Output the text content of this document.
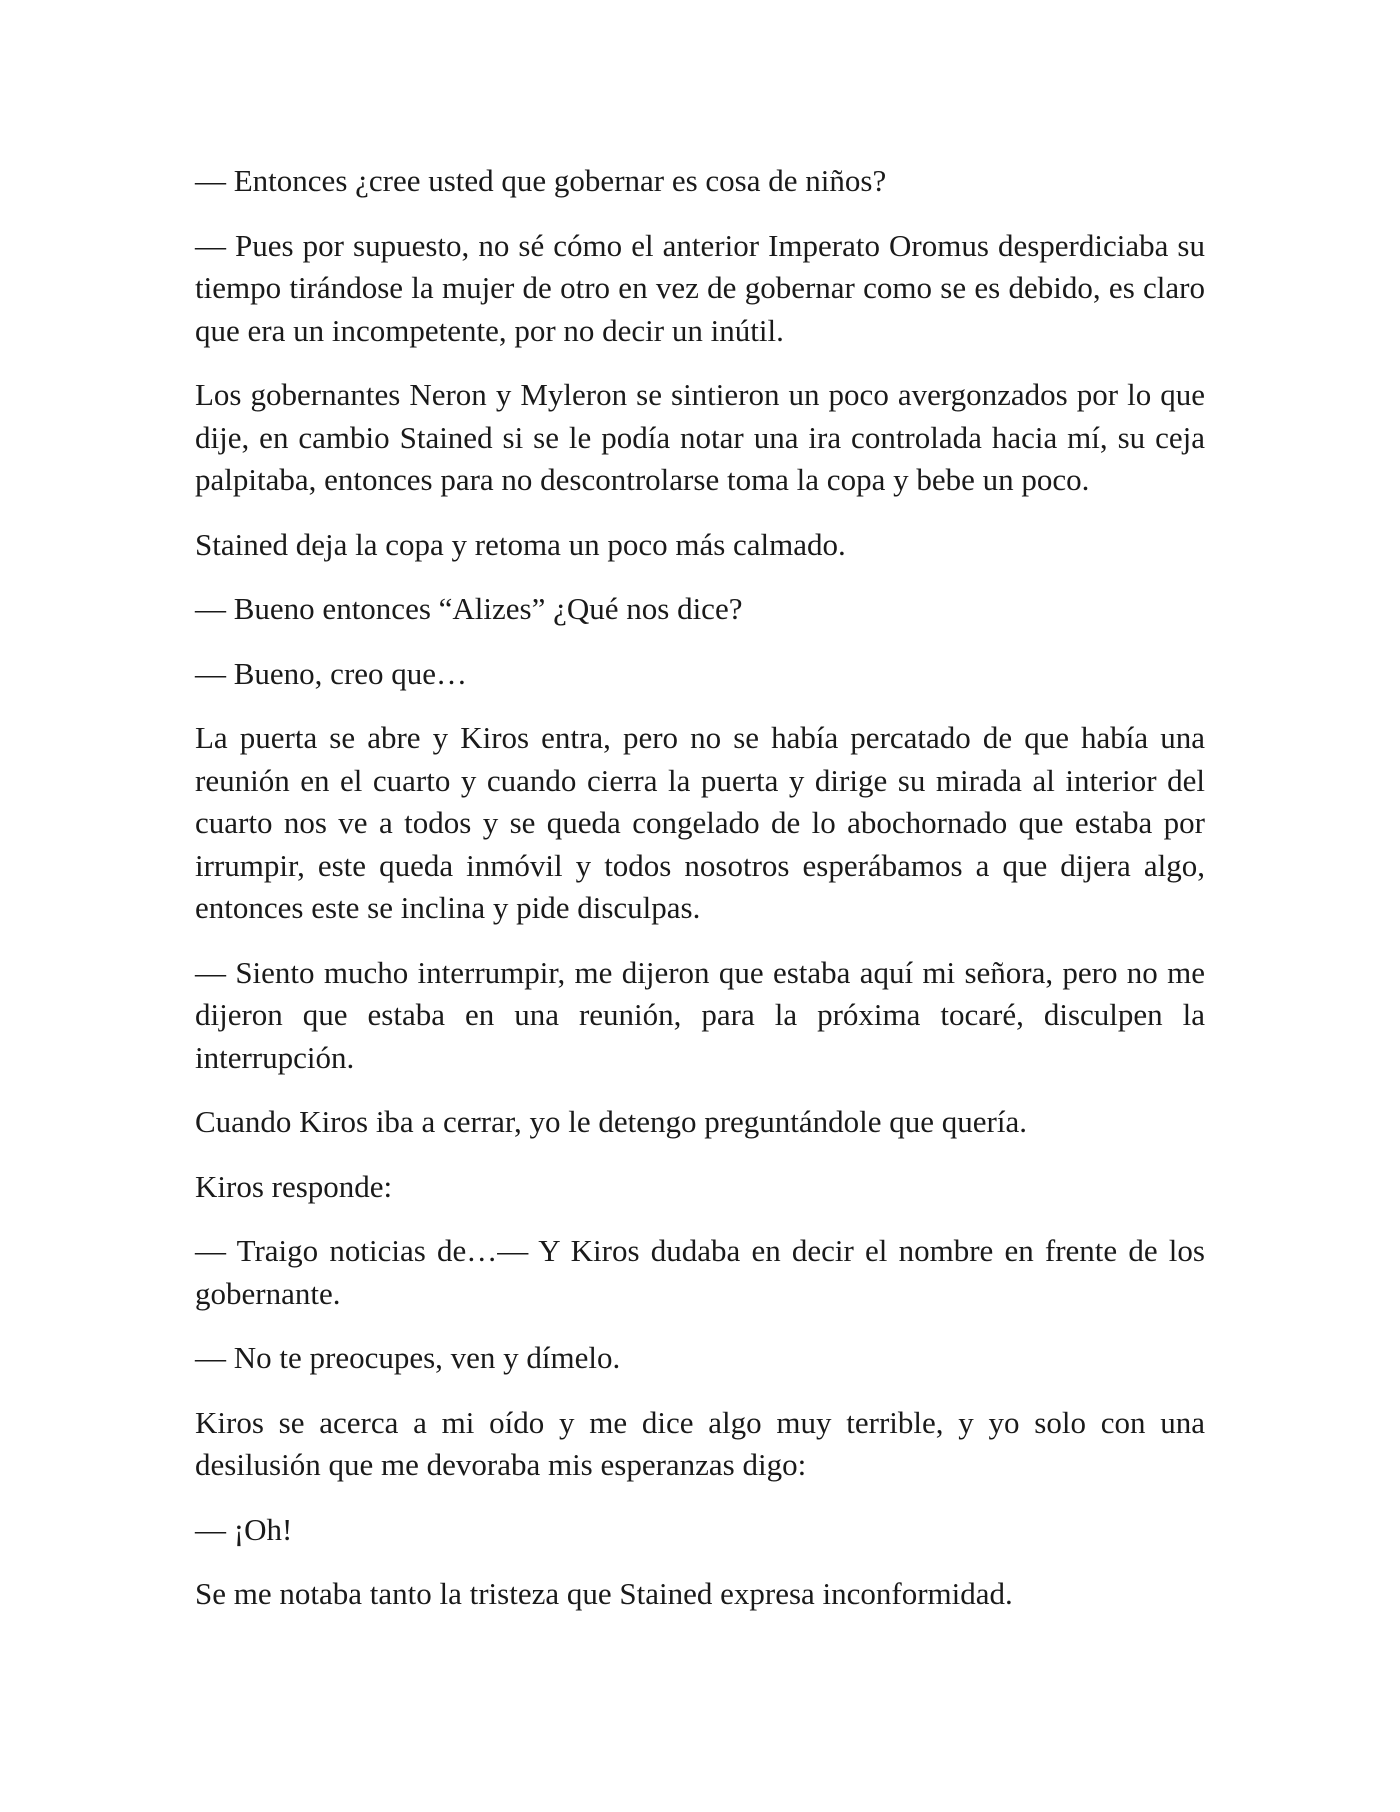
— Entonces ¿cree usted que gobernar es cosa de niños?

— Pues por supuesto, no sé cómo el anterior Imperato Oromus desperdiciaba su tiempo tirándose la mujer de otro en vez de gobernar como se es debido, es claro que era un incompetente, por no decir un inútil.

Los gobernantes Neron y Myleron se sintieron un poco avergonzados por lo que dije, en cambio Stained si se le podía notar una ira controlada hacia mí, su ceja palpitaba, entonces para no descontrolarse toma la copa y bebe un poco.

Stained deja la copa y retoma un poco más calmado.

— Bueno entonces “Alizes” ¿Qué nos dice?

— Bueno, creo que…

La puerta se abre y Kiros entra, pero no se había percatado de que había una reunión en el cuarto y cuando cierra la puerta y dirige su mirada al interior del cuarto nos ve a todos y se queda congelado de lo abochornado que estaba por irrumpir, este queda inmóvil y todos nosotros esperábamos a que dijera algo, entonces este se inclina y pide disculpas.

— Siento mucho interrumpir, me dijeron que estaba aquí mi señora, pero no me dijeron que estaba en una reunión, para la próxima tocaré, disculpen la interrupción.

Cuando Kiros iba a cerrar, yo le detengo preguntándole que quería.

Kiros responde:

— Traigo noticias de…— Y Kiros dudaba en decir el nombre en frente de los gobernante.

— No te preocupes, ven y dímelo.

Kiros se acerca a mi oído y me dice algo muy terrible, y yo solo con una desilusión que me devoraba mis esperanzas digo:

— ¡Oh!

Se me notaba tanto la tristeza que Stained expresa inconformidad.
